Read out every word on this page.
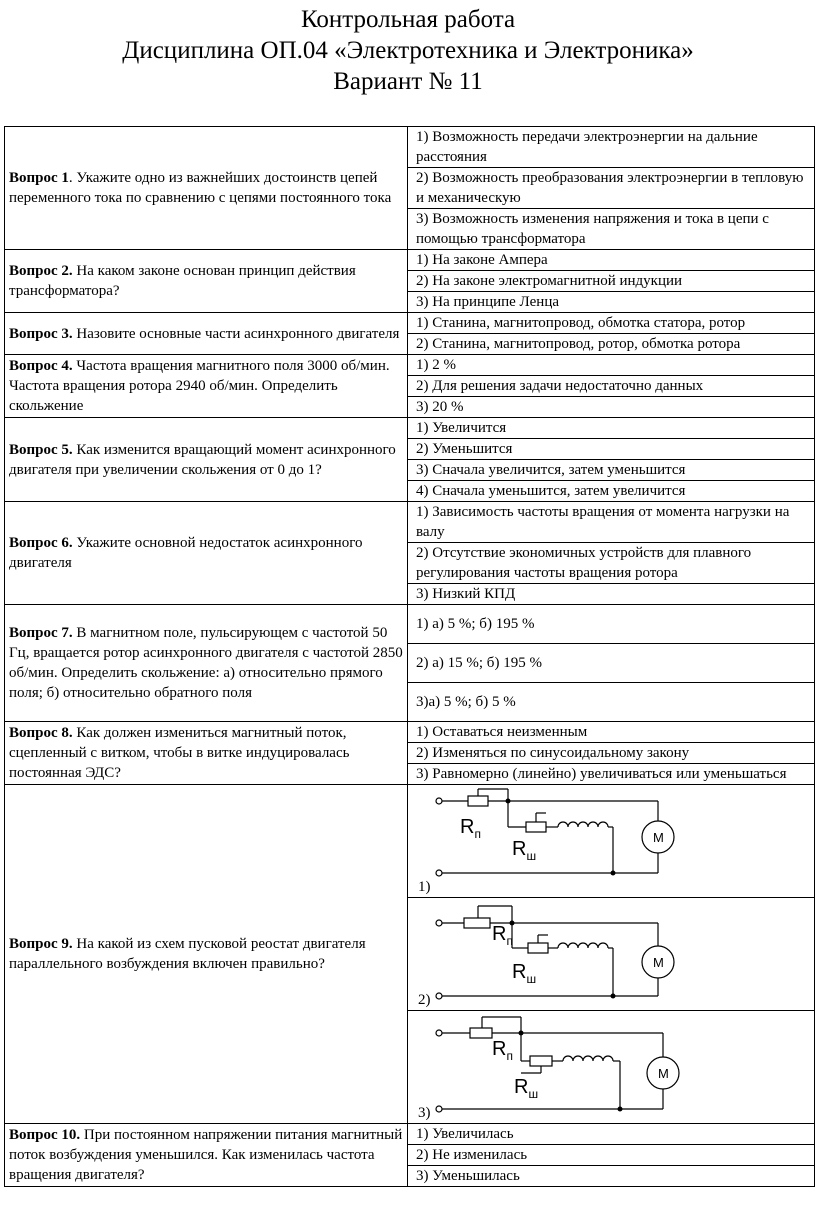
Контрольная работа
Дисциплина ОП.04 «Электротехника и Электроника»
Вариант № 11
Вопрос 1. Укажите одно из важнейших достоинств цепей переменного тока по сравнению с цепями постоянного тока	1) Возможность передачи электроэнергии на дальние расстояния
	2) Возможность преобразования электроэнергии в тепловую и механическую
	3) Возможность изменения напряжения и тока в цепи с помощью трансформатора
Вопрос 2. На каком законе основан принцип действия трансформатора?	1) На законе Ампера
	2) На законе электромагнитной индукции
	3) На принципе Ленца
Вопрос 3. Назовите основные части асинхронного двигателя	1) Станина, магнитопровод, обмотка статора, ротор
	2) Станина, магнитопровод, ротор, обмотка ротора
Вопрос 4. Частота вращения магнитного поля 3000 об/мин. Частота вращения ротора 2940 об/мин. Определить скольжение	1) 2 %
	2) Для решения задачи недостаточно данных
	3) 20 %
Вопрос 5. Как изменится вращающий момент асинхронного двигателя при увеличении скольжения от 0 до 1?	1) Увеличится
	2) Уменьшится
	3) Сначала увеличится, затем уменьшится
	4) Сначала уменьшится, затем увеличится
Вопрос 6. Укажите основной недостаток асинхронного двигателя	1) Зависимость частоты вращения от момента нагрузки на валу
	2) Отсутствие экономичных устройств для плавного регулирования частоты вращения ротора
	3) Низкий КПД
Вопрос 7. В магнитном поле, пульсирующем с частотой 50 Гц, вращается ротор асинхронного двигателя с частотой 2850 об/мин. Определить скольжение: а) относительно прямого поля; б) относительно обратного поля	1) а) 5 %; б) 195 %
	2) а) 15 %; б) 195 %
	3)а) 5 %; б) 5 %
Вопрос 8. Как должен измениться магнитный поток, сцепленный с витком, чтобы в витке индуцировалась постоянная ЭДС?	1) Оставаться неизменным
	2) Изменяться по синусоидальному закону
	3) Равномерно (линейно) увеличиваться или уменьшаться
Вопрос 9. На какой из схем пусковой реостат двигателя параллельного возбуждения включен правильно?	$R_п$
$R_ш$
М
1)

$R_п$
$R_ш$
М
2)

$R_п$
$R_ш$
М
3)

Вопрос 10. При постоянном напряжении питания магнитный поток возбуждения уменьшился. Как изменилась частота вращения двигателя?	1) Увеличилась
	2) Не изменилась
	3) Уменьшилась
